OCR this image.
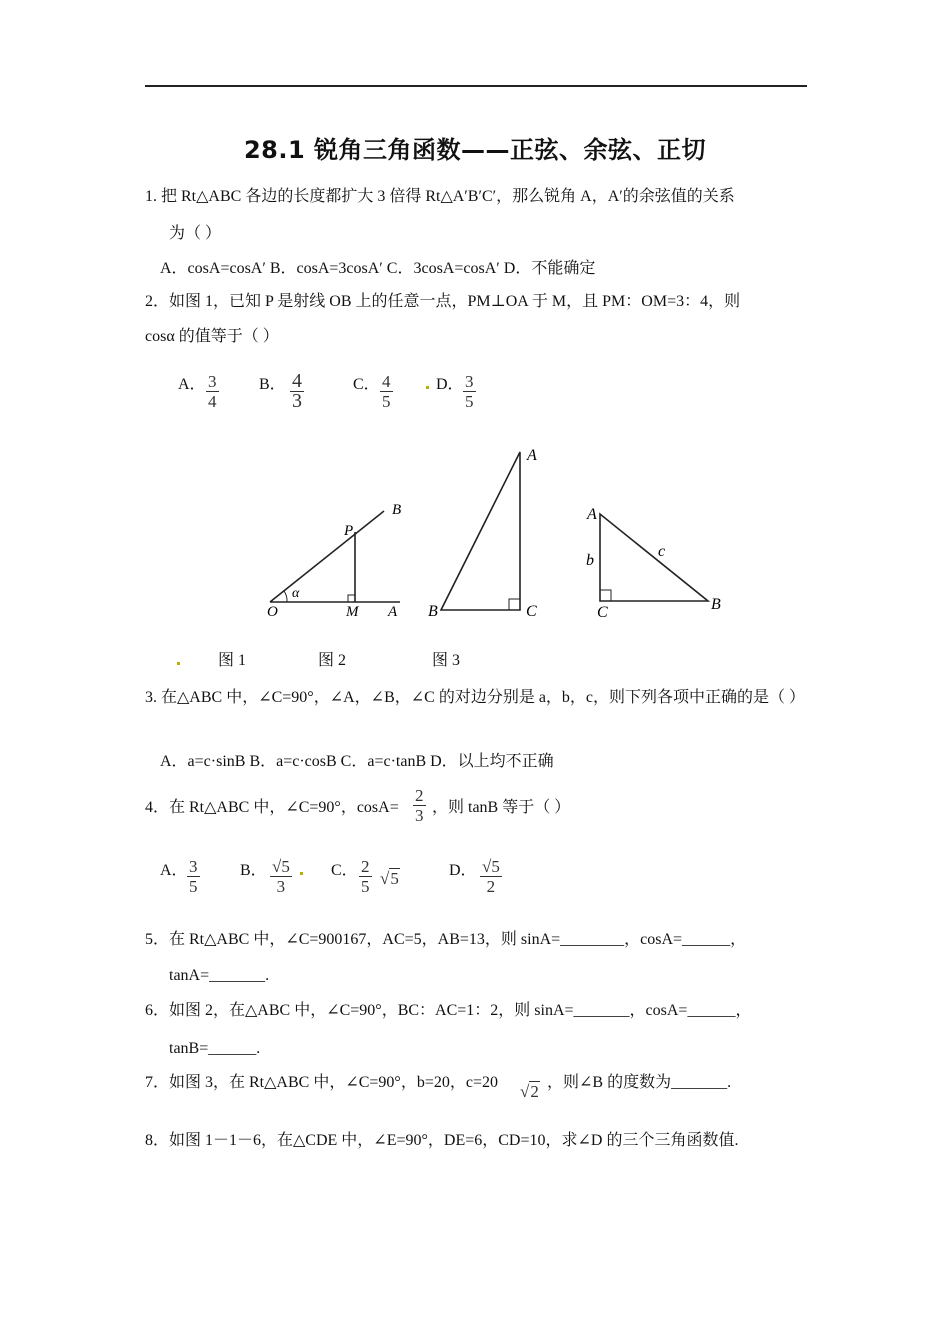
28.1 锐角三角函数——正弦、余弦、正切
1. 把 Rt△ABC 各边的长度都扩大 3 倍得 Rt△A′B′C′，那么锐角 A，A′的余弦值的关系
为（ ）
A．cosA=cosA′ B．cosA=3cosA′ C．3cosA=cosA′ D．不能确定
2．如图 1，已知 P 是射线 OB 上的任意一点，PM⊥OA 于 M，且 PM：OM=3：4，则
cosα 的值等于（ ）
A． $\frac{3}{4}$	B． $\frac{4}{3}$	C． $\frac{4}{5}$	D． $\frac{3}{5}$
O	M A
P
B
α
A
B	C
A
B
C
b
c
图 1	图 2	图 3
3. 在△ABC 中，∠C=90°，∠A，∠B，∠C 的对边分别是 a，b，c，则下列各项中正确的是（ ）
A．a=c·sinB B．a=c·cosB C．a=c·tanB D．以上均不正确
4．在 Rt△ABC 中，∠C=90°，$\cos A= \frac{2}{3}$ ，则 tanB 等于（ ）
A． $\frac{3}{5}$	B． $\frac{√5}{3}$ C． $\frac{2}{5} √5$	D． $\frac{√5}{2}$
5．在 Rt△ABC 中，∠C=900167，AC=5，AB=13，则 sinA=________，cosA=______，
tanA=_______.
6．如图 2，在△ABC 中，∠C=90°，BC：AC=1：2，则 sinA=_______，cosA=______，
tanB=______.
7．如图 3，在 Rt△ABC 中，∠C=90°，b=20，c=20 √2 ，则∠B 的度数为_______.
8．如图 1－1－6，在△CDE 中，∠E=90°，DE=6，CD=10，求∠D 的三个三角函数值.
